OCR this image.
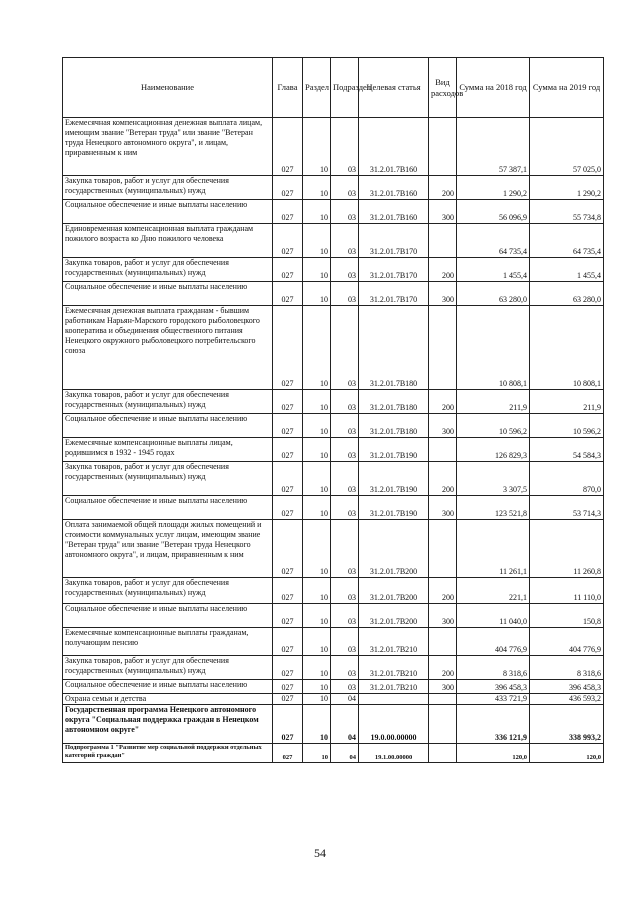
Наименование	Глава	Раздел	Подраздел	Целевая статья	Вид расходов	Сумма на 2018 год	Сумма на 2019 год
Ежемесячная компенсационная денежная выплата лицам, имеющим звание "Ветеран труда" или звание "Ветеран труда Ненецкого автономного округа", и лицам, приравненным к ним	027	10	03	31.2.01.7В160		57 387,1	57 025,0
Закупка товаров, работ и услуг для обеспечения государственных (муниципальных) нужд	027	10	03	31.2.01.7В160	200	1 290,2	1 290,2
Социальное обеспечение и иные выплаты населению	027	10	03	31.2.01.7В160	300	56 096,9	55 734,8
Единовременная компенсационная выплата гражданам пожилого возраста ко Дню пожилого человека	027	10	03	31.2.01.7В170		64 735,4	64 735,4
Закупка товаров, работ и услуг для обеспечения государственных (муниципальных) нужд	027	10	03	31.2.01.7В170	200	1 455,4	1 455,4
Социальное обеспечение и иные выплаты населению	027	10	03	31.2.01.7В170	300	63 280,0	63 280,0
Ежемесячная денежная выплата гражданам - бывшим работникам Нарьян-Марского городского рыболовецкого кооператива и объединения общественного питания Ненецкого окружного рыболовецкого потребительского союза	027	10	03	31.2.01.7В180		10 808,1	10 808,1
Закупка товаров, работ и услуг для обеспечения государственных (муниципальных) нужд	027	10	03	31.2.01.7В180	200	211,9	211,9
Социальное обеспечение и иные выплаты населению	027	10	03	31.2.01.7В180	300	10 596,2	10 596,2
Ежемесячные компенсационные выплаты лицам, родившимся в 1932 - 1945 годах	027	10	03	31.2.01.7В190		126 829,3	54 584,3
Закупка товаров, работ и услуг для обеспечения государственных (муниципальных) нужд	027	10	03	31.2.01.7В190	200	3 307,5	870,0
Социальное обеспечение и иные выплаты населению	027	10	03	31.2.01.7В190	300	123 521,8	53 714,3
Оплата занимаемой общей площади жилых помещений и стоимости коммунальных услуг лицам, имеющим звание "Ветеран труда" или звание "Ветеран труда Ненецкого автономного округа", и лицам, приравненным к ним	027	10	03	31.2.01.7В200		11 261,1	11 260,8
Закупка товаров, работ и услуг для обеспечения государственных (муниципальных) нужд	027	10	03	31.2.01.7В200	200	221,1	11 110,0
Социальное обеспечение и иные выплаты населению	027	10	03	31.2.01.7В200	300	11 040,0	150,8
Ежемесячные компенсационные выплаты гражданам, получающим пенсию	027	10	03	31.2.01.7В210		404 776,9	404 776,9
Закупка товаров, работ и услуг для обеспечения государственных (муниципальных) нужд	027	10	03	31.2.01.7В210	200	8 318,6	8 318,6
Социальное обеспечение и иные выплаты населению	027	10	03	31.2.01.7В210	300	396 458,3	396 458,3
Охрана семьи и детства	027	10	04			433 721,9	436 593,2
Государственная программа Ненецкого автономного округа "Социальная поддержка граждан в Ненецком автономном округе"	027	10	04	19.0.00.00000		336 121,9	338 993,2
Подпрограмма 1 "Развитие мер социальной поддержки отдельных категорий граждан"	027	10	04	19.1.00.00000		120,0	120,0
54
